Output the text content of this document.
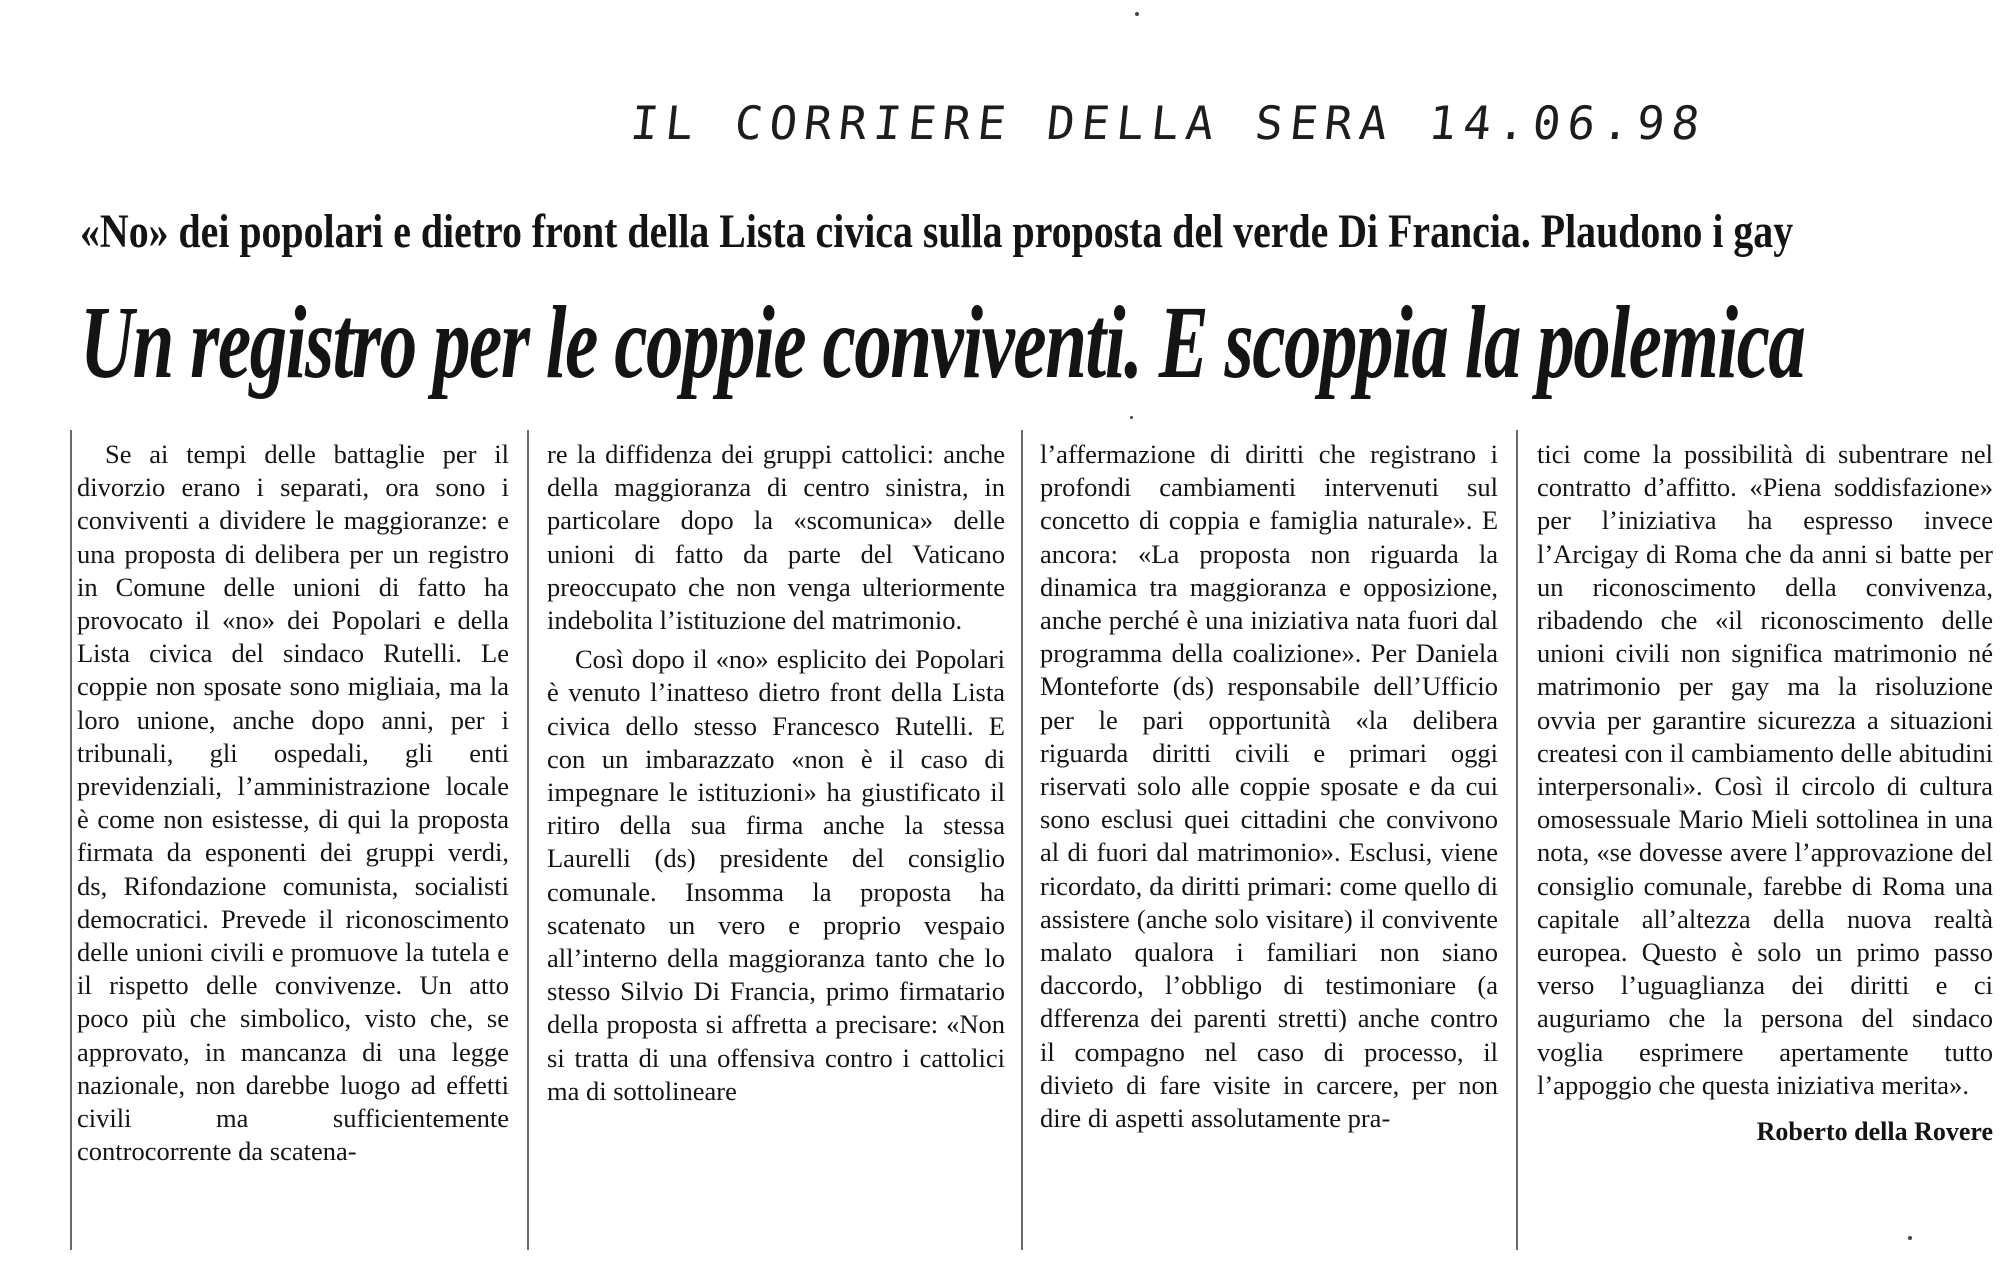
IL CORRIERE DELLA SERA 14.06.98
«No» dei popolari e dietro front della Lista civica sulla proposta del verde Di Francia. Plaudono i gay
Un registro per le coppie conviventi. E scoppia la polemica

Se ai tempi delle battaglie per il divorzio erano i separati, ora sono i conviventi a dividere le maggioranze: e una proposta di delibera per un registro in Comune delle unioni di fatto ha provocato il «no» dei Popolari e della Lista civica del sindaco Rutelli. Le coppie non sposate sono migliaia, ma la loro unione, anche dopo anni, per i tribunali, gli ospedali, gli enti previdenziali, l’amministrazione locale è come non esistesse, di qui la proposta firmata da esponenti dei gruppi verdi, ds, Rifondazione comunista, socialisti democratici. Prevede il riconoscimento delle unioni civili e promuove la tutela e il rispetto delle convivenze. Un atto poco più che simbolico, visto che, se approvato, in mancanza di una legge nazionale, non darebbe luogo ad effetti civili ma sufficientemente controcorrente da scatena-

re la diffidenza dei gruppi cattolici: anche della maggioranza di centro sinistra, in particolare dopo la «scomunica» delle unioni di fatto da parte del Vaticano preoccupato che non venga ulteriormente indebolita l’istituzione del matrimonio.

Così dopo il «no» esplicito dei Popolari è venuto l’inatteso dietro front della Lista civica dello stesso Francesco Rutelli. E con un imbarazzato «non è il caso di impegnare le istituzioni» ha giustificato il ritiro della sua firma anche la stessa Laurelli (ds) presidente del consiglio comunale. Insomma la proposta ha scatenato un vero e proprio vespaio all’interno della maggioranza tanto che lo stesso Silvio Di Francia, primo firmatario della proposta si affretta a precisare: «Non si tratta di una offensiva contro i cattolici ma di sottolineare

l’affermazione di diritti che registrano i profondi cambiamenti intervenuti sul concetto di coppia e famiglia naturale». E ancora: «La proposta non riguarda la dinamica tra maggioranza e opposizione, anche perché è una iniziativa nata fuori dal programma della coalizione». Per Daniela Monteforte (ds) responsabile dell’Ufficio per le pari opportunità «la delibera riguarda diritti civili e primari oggi riservati solo alle coppie sposate e da cui sono esclusi quei cittadini che convivono al di fuori dal matrimonio». Esclusi, viene ricordato, da diritti primari: come quello di assistere (anche solo visitare) il convivente malato qualora i familiari non siano daccordo, l’obbligo di testimoniare (a dfferenza dei parenti stretti) anche contro il compagno nel caso di processo, il divieto di fare visite in carcere, per non dire di aspetti assolutamente pra-

tici come la possibilità di subentrare nel contratto d’affitto. «Piena soddisfazione» per l’iniziativa ha espresso invece l’Arcigay di Roma che da anni si batte per un riconoscimento della convivenza, ribadendo che «il riconoscimento delle unioni civili non significa matrimonio né matrimonio per gay ma la risoluzione ovvia per garantire sicurezza a situazioni createsi con il cambiamento delle abitudini interpersonali». Così il circolo di cultura omosessuale Mario Mieli sottolinea in una nota, «se dovesse avere l’approvazione del consiglio comunale, farebbe di Roma una capitale all’altezza della nuova realtà europea. Questo è solo un primo passo verso l’uguaglianza dei diritti e ci auguriamo che la persona del sindaco voglia esprimere apertamente tutto l’appoggio che questa iniziativa merita».

Roberto della Rovere
